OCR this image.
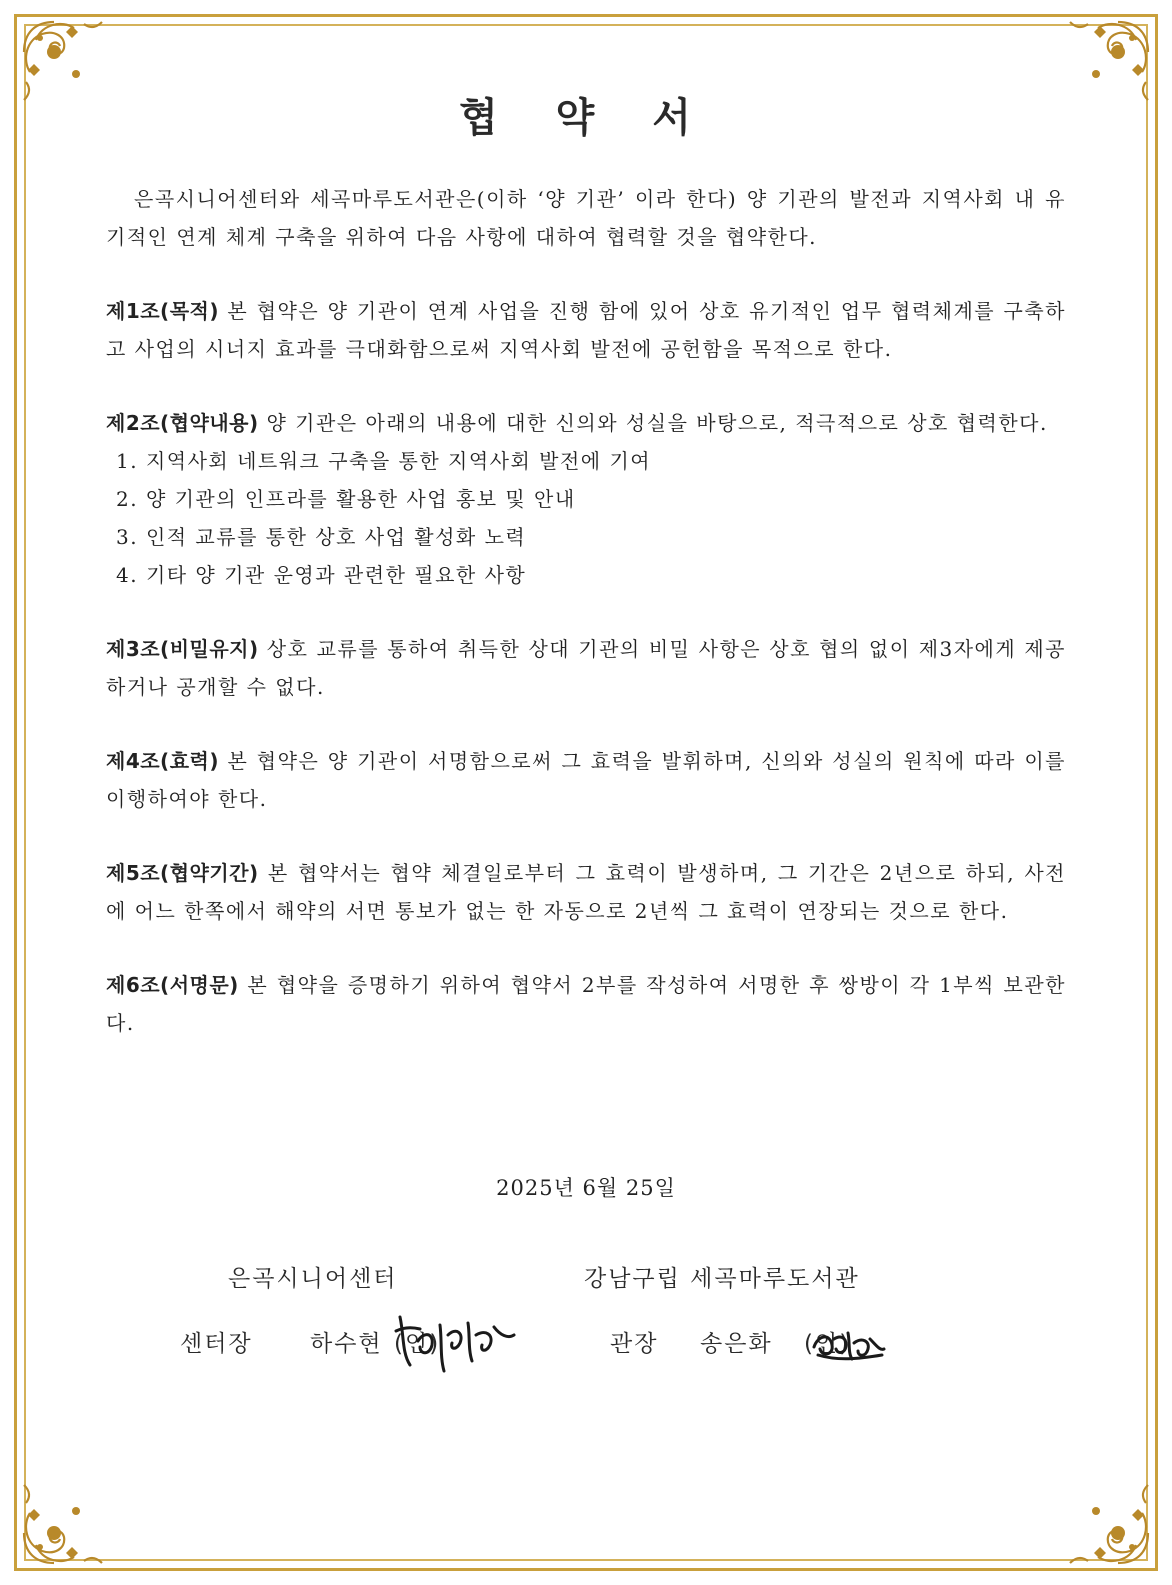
협 약 서

은곡시니어센터와 세곡마루도서관은(이하 ‘양 기관’ 이라 한다) 양 기관의 발전과 지역사회 내 유기적인 연계 체계 구축을 위하여 다음 사항에 대하여 협력할 것을 협약한다.

제1조(목적) 본 협약은 양 기관이 연계 사업을 진행 함에 있어 상호 유기적인 업무 협력체계를 구축하고 사업의 시너지 효과를 극대화함으로써 지역사회 발전에 공헌함을 목적으로 한다.

제2조(협약내용) 양 기관은 아래의 내용에 대한 신의와 성실을 바탕으로, 적극적으로 상호 협력한다.

1. 지역사회 네트워크 구축을 통한 지역사회 발전에 기여
2. 양 기관의 인프라를 활용한 사업 홍보 및 안내
3. 인적 교류를 통한 상호 사업 활성화 노력
4. 기타 양 기관 운영과 관련한 필요한 사항

제3조(비밀유지) 상호 교류를 통하여 취득한 상대 기관의 비밀 사항은 상호 협의 없이 제3자에게 제공하거나 공개할 수 없다.

제4조(효력) 본 협약은 양 기관이 서명함으로써 그 효력을 발휘하며, 신의와 성실의 원칙에 따라 이를 이행하여야 한다.

제5조(협약기간) 본 협약서는 협약 체결일로부터 그 효력이 발생하며, 그 기간은 2년으로 하되, 사전에 어느 한쪽에서 해약의 서면 통보가 없는 한 자동으로 2년씩 그 효력이 연장되는 것으로 한다.

제6조(서명문) 본 협약을 증명하기 위하여 협약서 2부를 작성하여 서명한 후 쌍방이 각 1부씩 보관한다.

2025년 6월 25일
은곡시니어센터	강남구립 세곡마루도서관
센터장 하수현 (인)	관장 송은화 (인)
